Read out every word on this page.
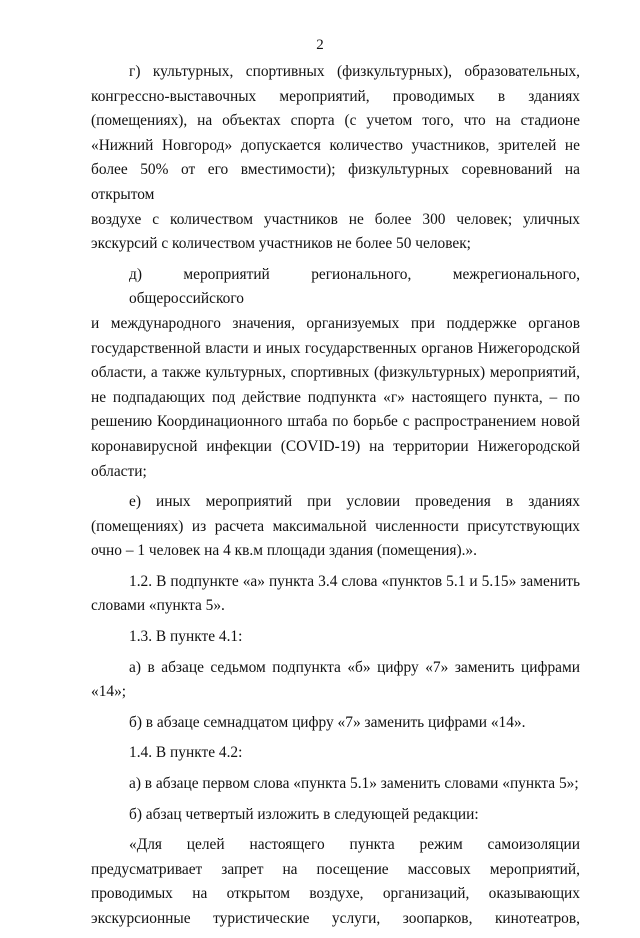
2
г) культурных, спортивных (физкультурных), образовательных,
конгрессно-выставочных мероприятий, проводимых в зданиях
(помещениях), на объектах спорта (с учетом того, что на стадионе
«Нижний Новгород» допускается количество участников, зрителей не
более 50% от его вместимости); физкультурных соревнований на открытом
воздухе с количеством участников не более 300 человек; уличных
экскурсий с количеством участников не более 50 человек;
д) мероприятий регионального, межрегионального, общероссийского
и международного значения, организуемых при поддержке органов
государственной власти и иных государственных органов Нижегородской
области, а также культурных, спортивных (физкультурных) мероприятий,
не подпадающих под действие подпункта «г» настоящего пункта, – по
решению Координационного штаба по борьбе с распространением новой
коронавирусной инфекции (COVID-19) на территории Нижегородской
области;
е) иных мероприятий при условии проведения в зданиях
(помещениях) из расчета максимальной численности присутствующих
очно – 1 человек на 4 кв.м площади здания (помещения).».
1.2. В подпункте «а» пункта 3.4 слова «пунктов 5.1 и 5.15» заменить
словами «пункта 5».
1.3. В пункте 4.1:
а) в абзаце седьмом подпункта «б» цифру «7» заменить цифрами
«14»;
б) в абзаце семнадцатом цифру «7» заменить цифрами «14».
1.4. В пункте 4.2:
а) в абзаце первом слова «пункта 5.1» заменить словами «пункта 5»;
б) абзац четвертый изложить в следующей редакции:
«Для целей настоящего пункта режим самоизоляции
предусматривает запрет на посещение массовых мероприятий,
проводимых на открытом воздухе, организаций, оказывающих
экскурсионные туристические услуги, зоопарков, кинотеатров,
